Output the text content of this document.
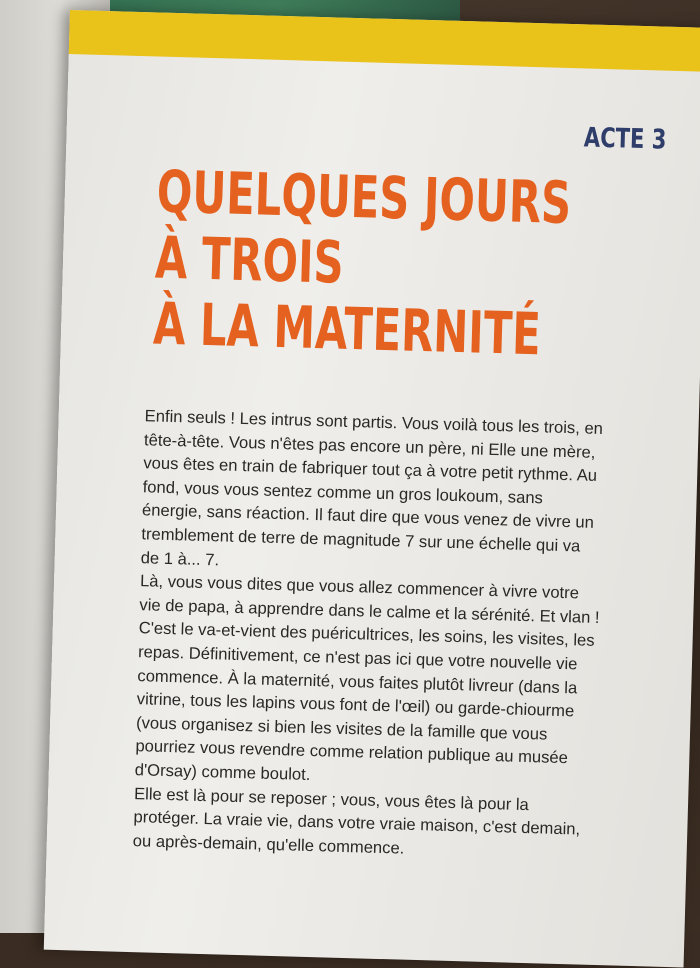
ACTE 3
QUELQUES JOURS
À TROIS
À LA MATERNITÉ

Enfin seuls ! Les intrus sont partis. Vous voilà tous les trois, en tête-à-tête. Vous n'êtes pas encore un père, ni Elle une mère, vous êtes en train de fabriquer tout ça à votre petit rythme. Au fond, vous vous sentez comme un gros loukoum, sans énergie, sans réaction. Il faut dire que vous venez de vivre un tremblement de terre de magnitude 7 sur une échelle qui va de 1 à... 7.

Là, vous vous dites que vous allez commencer à vivre votre vie de papa, à apprendre dans le calme et la sérénité. Et vlan ! C'est le va-et-vient des puéricultrices, les soins, les visites, les repas. Définitivement, ce n'est pas ici que votre nouvelle vie commence. À la maternité, vous faites plutôt livreur (dans la vitrine, tous les lapins vous font de l'œil) ou garde-chiourme (vous organisez si bien les visites de la famille que vous pourriez vous revendre comme relation publique au musée d'Orsay) comme boulot.

Elle est là pour se reposer ; vous, vous êtes là pour la protéger. La vraie vie, dans votre vraie maison, c'est demain, ou après-demain, qu'elle commence.
